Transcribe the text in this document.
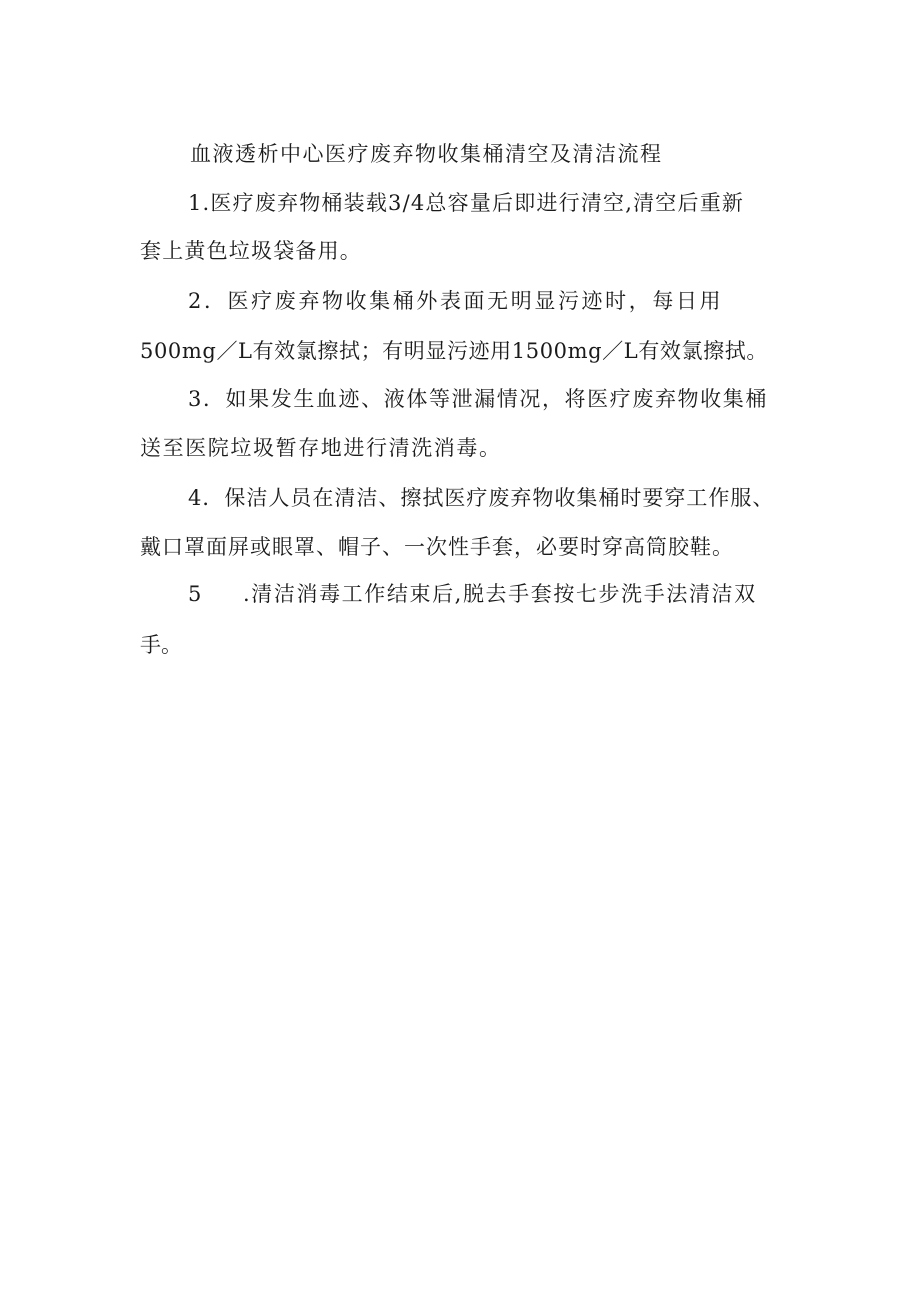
血液透析中心医疗废弃物收集桶清空及清洁流程
1.医疗废弃物桶装载3/4总容量后即进行清空,清空后重新
套上黄色垃圾袋备用。
2．医疗废弃物收集桶外表面无明显污迹时，每日用
500mg／L有效氯擦拭；有明显污迹用1500mg／L有效氯擦拭。
3．如果发生血迹、液体等泄漏情况，将医疗废弃物收集桶
送至医院垃圾暂存地进行清洗消毒。
4．保洁人员在清洁、擦拭医疗废弃物收集桶时要穿工作服、
戴口罩面屏或眼罩、帽子、一次性手套，必要时穿高筒胶鞋。
5 .清洁消毒工作结束后,脱去手套按七步洗手法清洁双
手。
